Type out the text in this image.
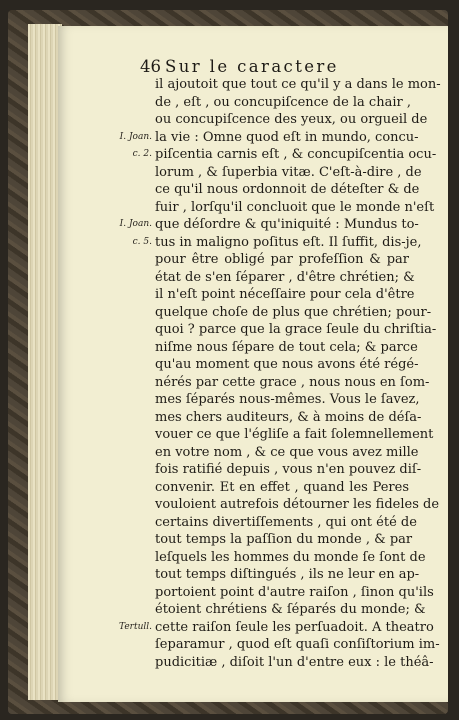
46 Sur le caractere
I. Joan.
c. 2.
I. Joan.
c. 5.
Tertull.
il ajoutoit que tout ce qu'il y a dans le mon-
de , eſt , ou concupiſcence de la chair ,
ou concupiſcence des yeux, ou orgueil de
la vie : Omne quod eſt in mundo, concu-
piſcentia carnis eſt , & concupiſcentia ocu-
lorum , & ſuperbia vitæ. C'eſt-à-dire , de
ce qu'il nous ordonnoit de déteſter & de
fuir , lorſqu'il concluoit que le monde n'eſt
que déſordre & qu'iniquité : Mundus to-
tus in maligno poſitus eſt. Il ſuffit, dis-je,
pour être obligé par profeſſion & par
état de s'en ſéparer , d'être chrétien; &
il n'eſt point néceſſaire pour cela d'être
quelque choſe de plus que chrétien; pour-
quoi ? parce que la grace ſeule du chriſtia-
niſme nous ſépare de tout cela; & parce
qu'au moment que nous avons été régé-
nérés par cette grace , nous nous en ſom-
mes ſéparés nous-mêmes. Vous le ſavez,
mes chers auditeurs, & à moins de déſa-
vouer ce que l'égliſe a fait ſolemnellement
en votre nom , & ce que vous avez mille
fois ratifié depuis , vous n'en pouvez diſ-
convenir. Et en effet , quand les Peres
vouloient autrefois détourner les fideles de
certains divertiſſements , qui ont été de
tout temps la paſſion du monde , & par
leſquels les hommes du monde ſe ſont de
tout temps diſtingués , ils ne leur en ap-
portoient point d'autre raiſon , ſinon qu'ils
étoient chrétiens & ſéparés du monde; &
cette raiſon ſeule les perſuadoit. A theatro
ſeparamur , quod eſt quaſi conſiſtorium im-
pudicitiæ , diſoit l'un d'entre eux : le théâ-
